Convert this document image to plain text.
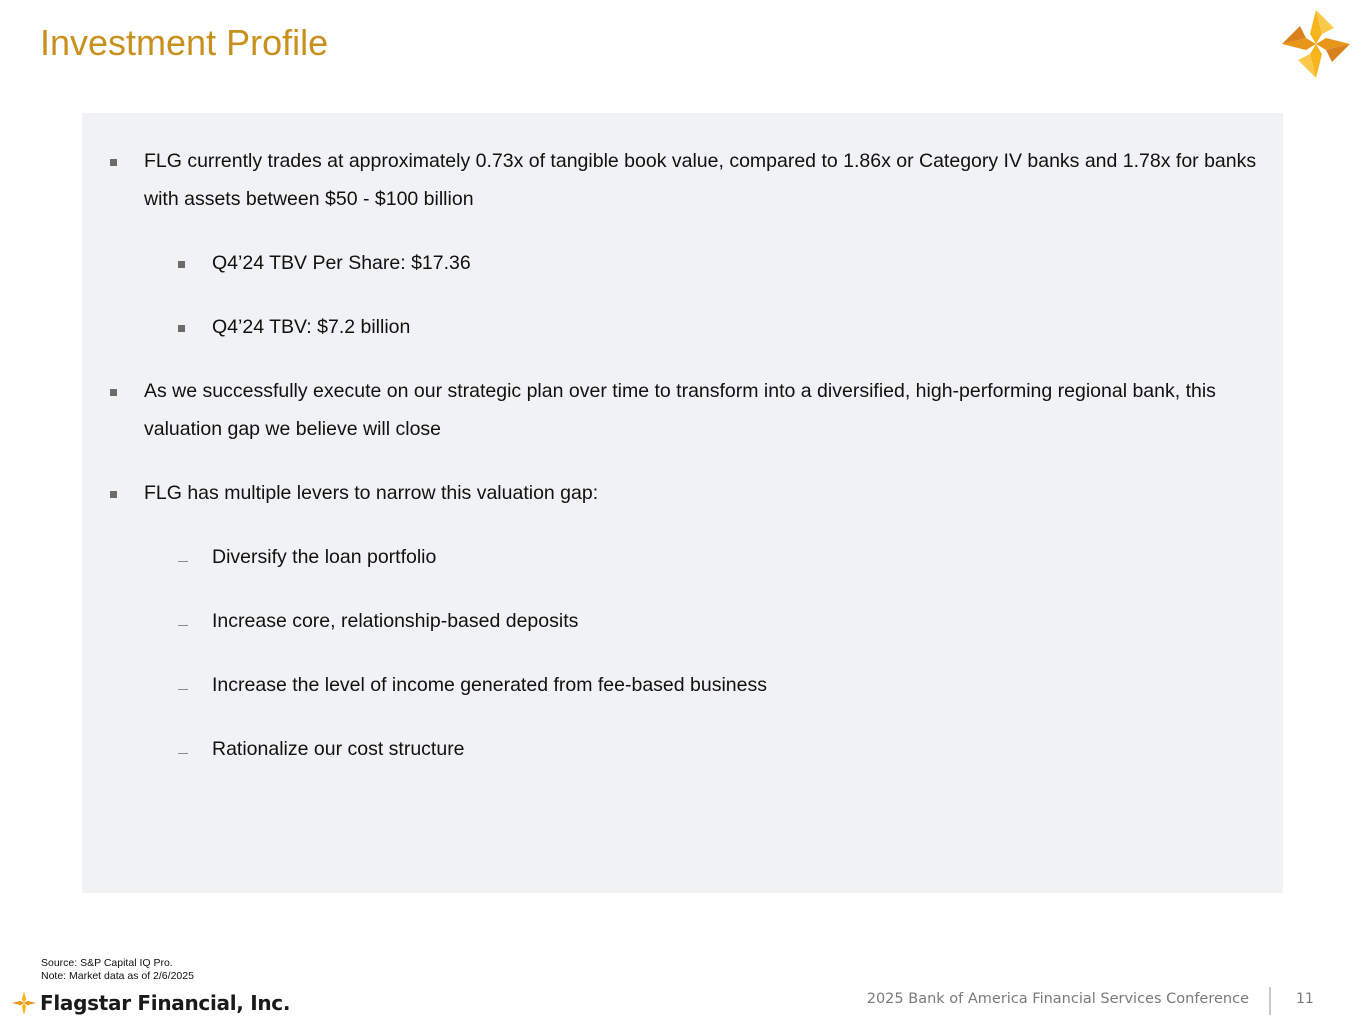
Investment Profile
FLG currently trades at approximately 0.73x of tangible book value, compared to 1.86x or Category IV banks and 1.78x for banks with assets between $50 - $100 billion
Q4’24 TBV Per Share: $17.36
Q4’24 TBV: $7.2 billion
As we successfully execute on our strategic plan over time to transform into a diversified, high-performing regional bank, this valuation gap we believe will close
FLG has multiple levers to narrow this valuation gap:
Diversify the loan portfolio
Increase core, relationship-based deposits
Increase the level of income generated from fee-based business
Rationalize our cost structure
Source: S&P Capital IQ Pro.
Note: Market data as of 2/6/2025
Flagstar Financial, Inc.	2025 Bank of America Financial Services Conference	11
